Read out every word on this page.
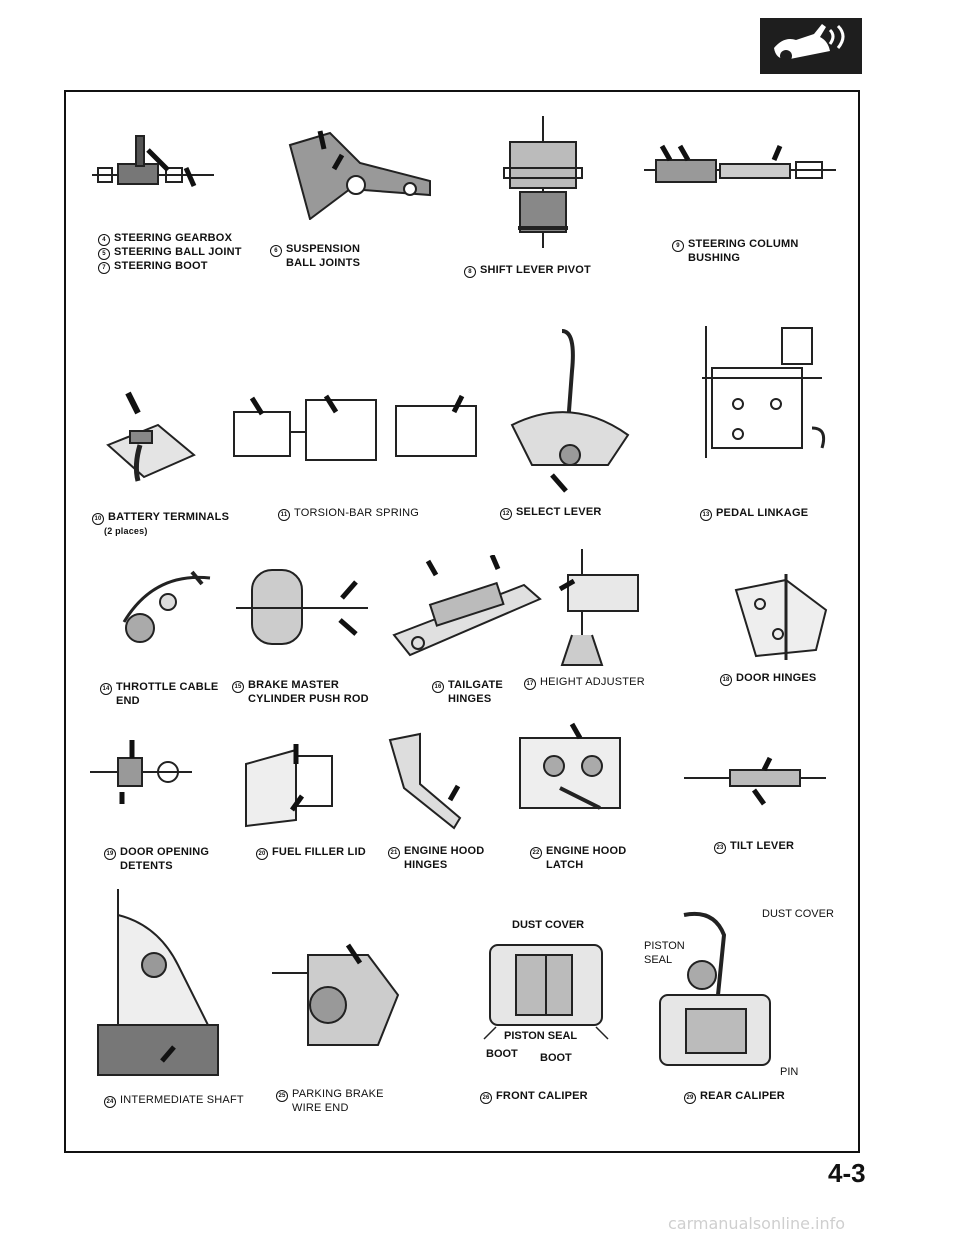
4 STEERING GEARBOX
5 STEERING BALL JOINT
7 STEERING BOOT
6 SUSPENSION
BALL JOINTS
8 SHIFT LEVER PIVOT
9 STEERING COLUMN
BUSHING
10 BATTERY TERMINALS
(2 places)
11 TORSION-BAR SPRING	12 SELECT LEVER	13 PEDAL LINKAGE
14 THROTTLE CABLE
END
15 BRAKE MASTER
CYLINDER PUSH ROD
16 TAILGATE
HINGES
17 HEIGHT ADJUSTER	18 DOOR HINGES
19 DOOR OPENING
DETENTS
20 FUEL FILLER LID	21 ENGINE HOOD
HINGES
22 ENGINE HOOD
LATCH
23 TILT LEVER
DUST COVER
PISTON SEAL
BOOT BOOT
DUST COVER
PISTON
SEAL
PIN
24 INTERMEDIATE SHAFT	25 PARKING BRAKE
WIRE END
26 FRONT CALIPER	29 REAR CALIPER
4-3
carmanualsonline.info
